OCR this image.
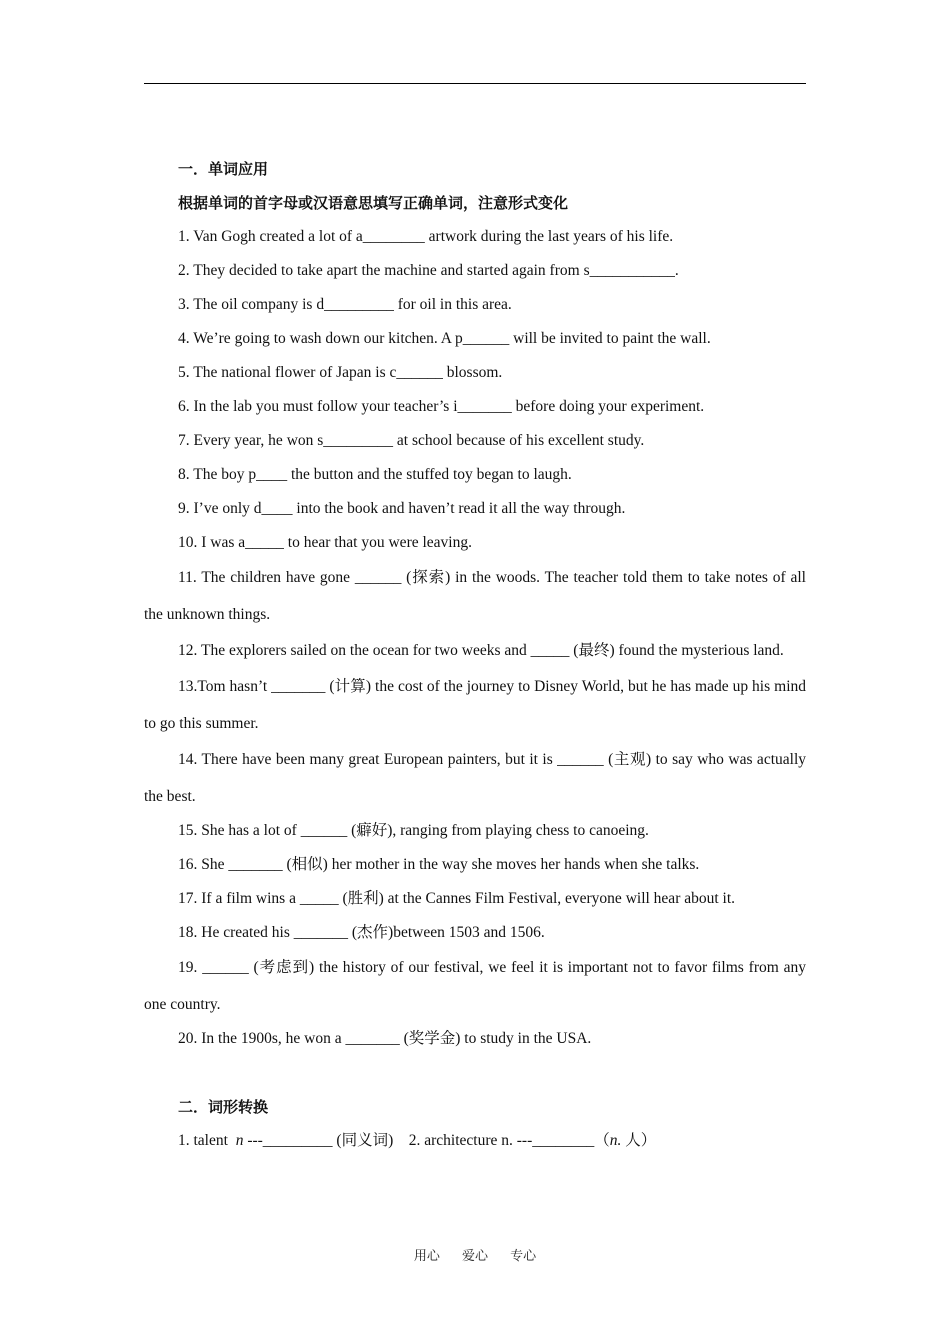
一．单词应用

根据单词的首字母或汉语意思填写正确单词，注意形式变化

1. Van Gogh created a lot of a________ artwork during the last years of his life.

2. They decided to take apart the machine and started again from s___________.

3. The oil company is d_________ for oil in this area.

4. We’re going to wash down our kitchen. A p______ will be invited to paint the wall.

5. The national flower of Japan is c______ blossom.

6. In the lab you must follow your teacher’s i_______ before doing your experiment.

7. Every year, he won s_________ at school because of his excellent study.

8. The boy p____ the button and the stuffed toy began to laugh.

9. I’ve only d____ into the book and haven’t read it all the way through.

10. I was a_____ to hear that you were leaving.

11. The children have gone ______ (探索) in the woods. The teacher told them to take notes of all the unknown things.

12. The explorers sailed on the ocean for two weeks and _____ (最终) found the mysterious land.

13.Tom hasn’t _______ (计算) the cost of the journey to Disney World, but he has made up his mind to go this summer.

14. There have been many great European painters, but it is ______ (主观) to say who was actually the best.

15. She has a lot of ______ (癖好), ranging from playing chess to canoeing.

16. She _______ (相似) her mother in the way she moves her hands when she talks.

17. If a film wins a _____ (胜利) at the Cannes Film Festival, everyone will hear about it.

18. He created his _______ (杰作)between 1503 and 1506.

19. ______ (考虑到) the history of our festival, we feel it is important not to favor films from any one country.

20. In the 1900s, he won a _______ (奖学金) to study in the USA.

二．词形转换

1. talent  n ---_________ (同义词) 2. architecture n. ---________（n. 人）

用心 爱心 专心
